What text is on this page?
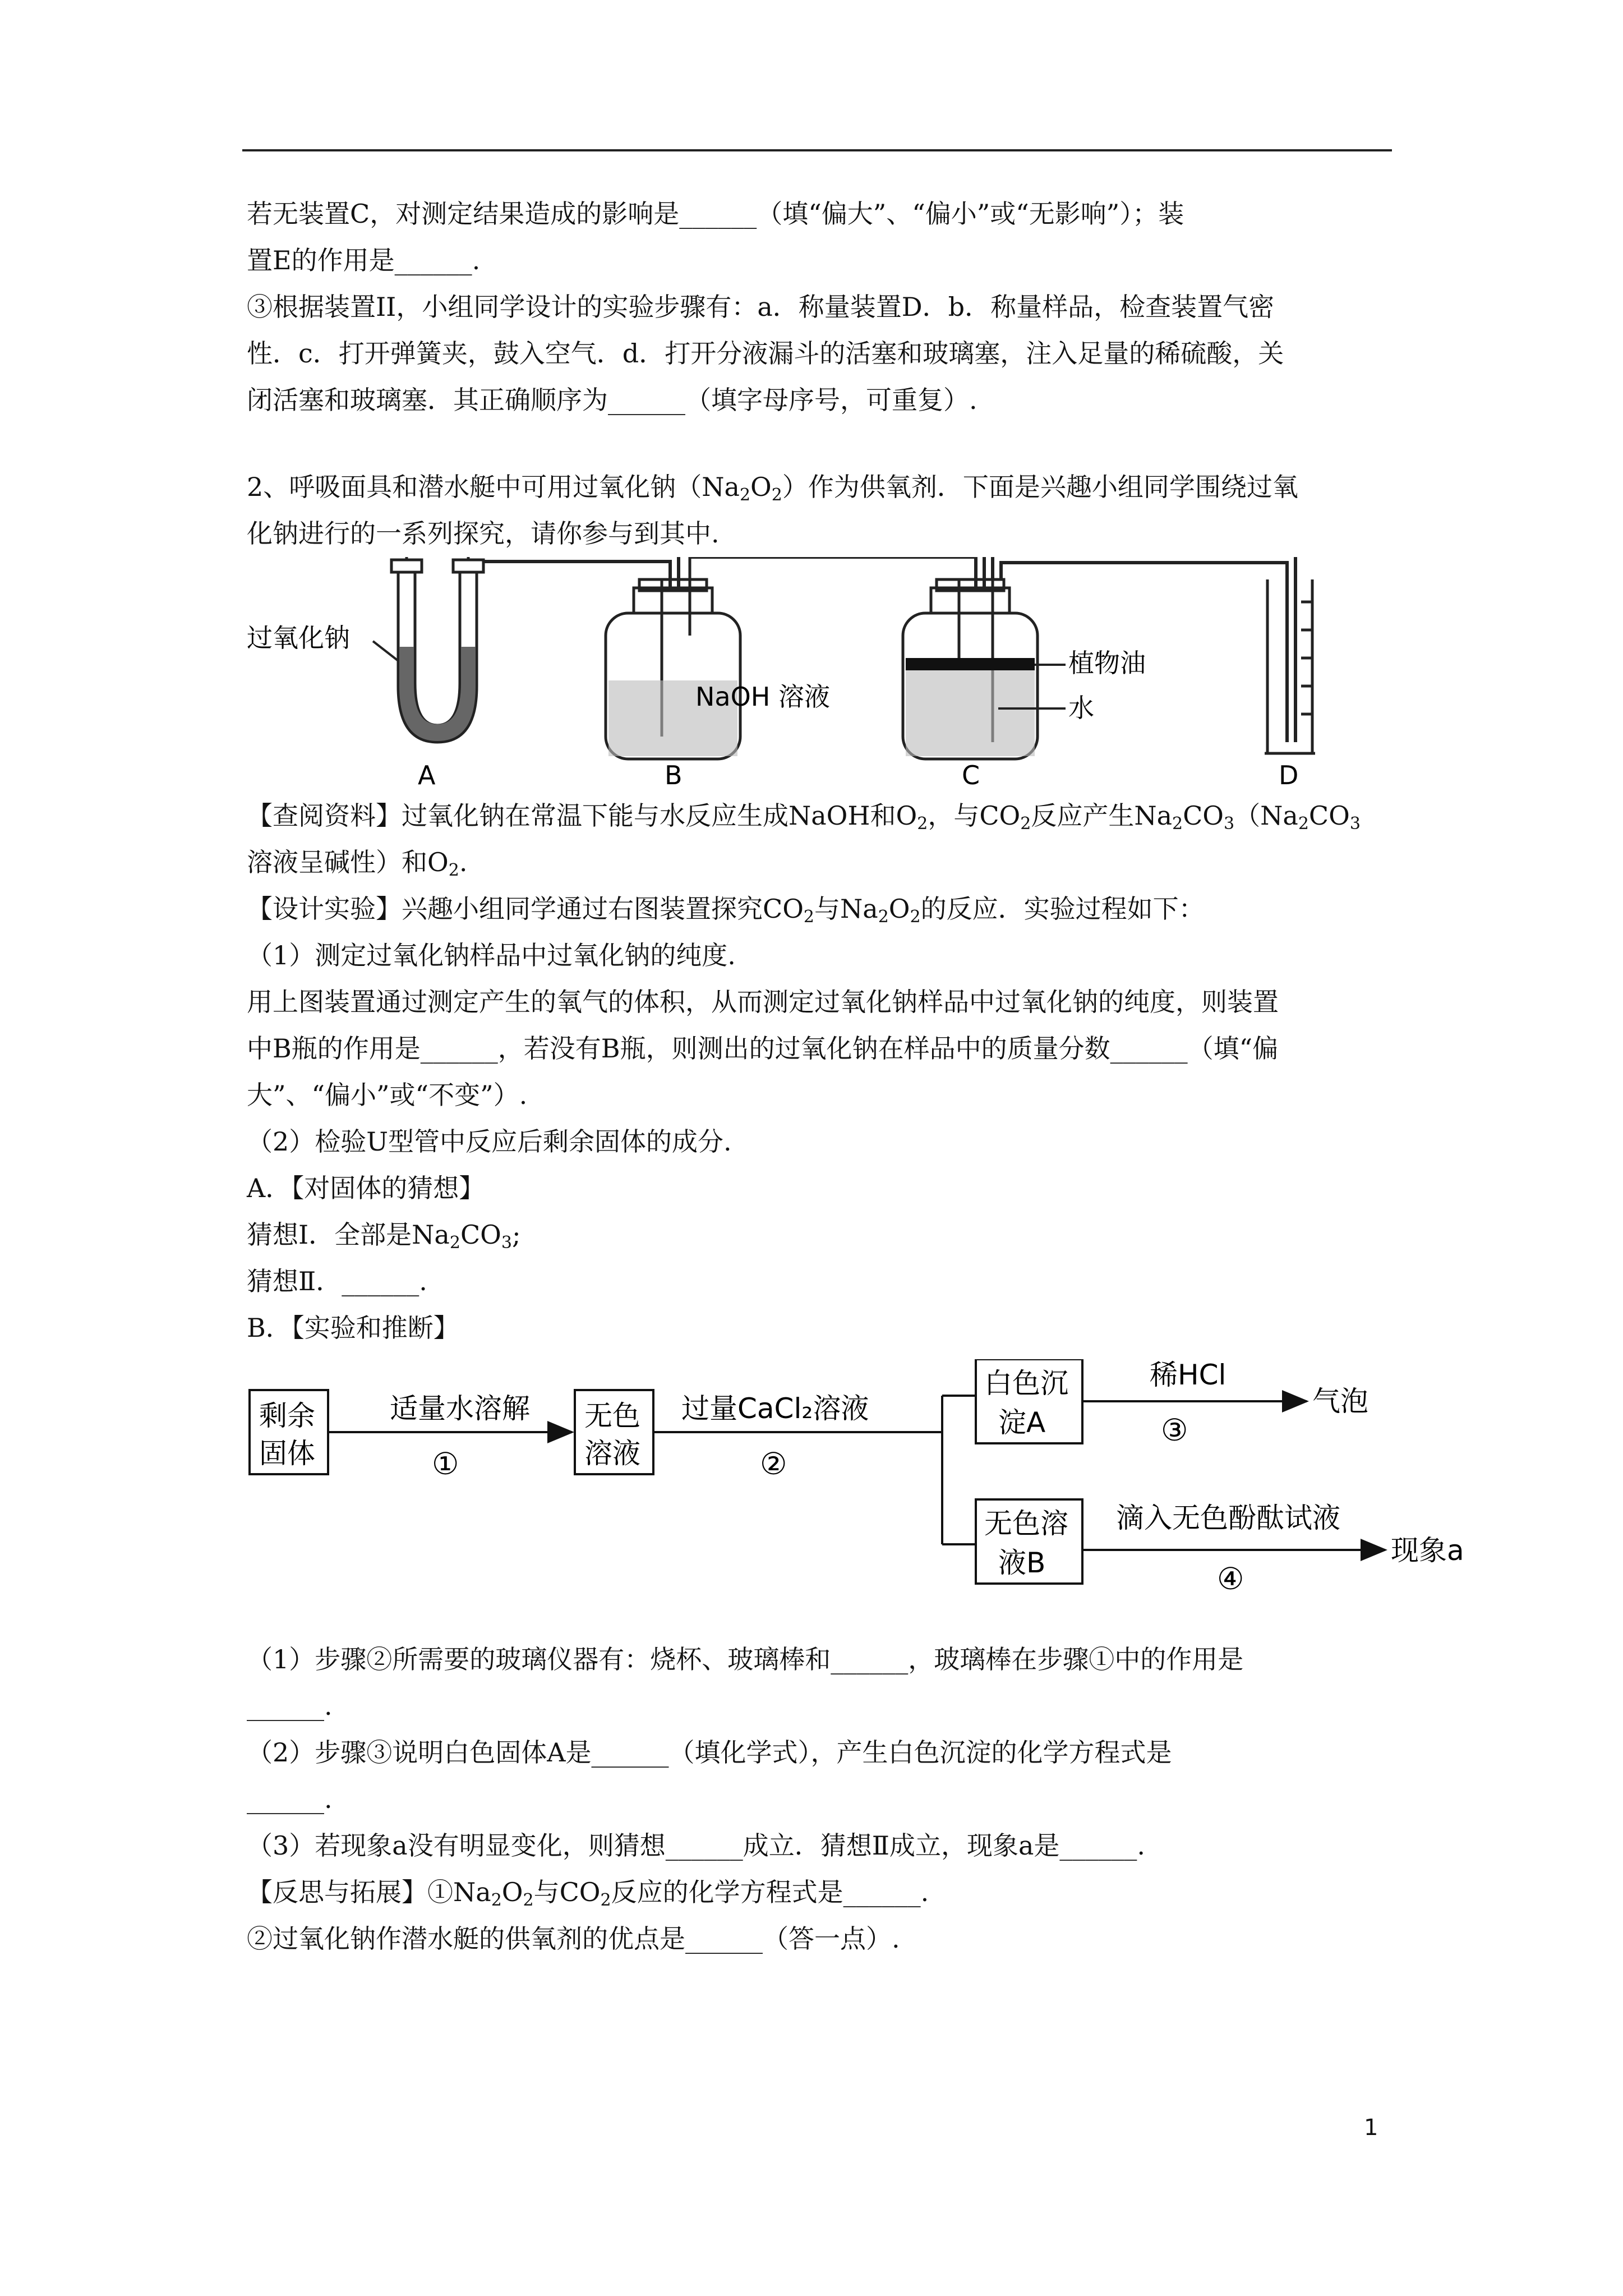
若无装置C，对测定结果造成的影响是______（填“偏大”、“偏小”或“无影响”）；装

置E的作用是______.

③根据装置II，小组同学设计的实验步骤有：a．称量装置D．b．称量样品，检查装置气密

性．c．打开弹簧夹，鼓入空气．d．打开分液漏斗的活塞和玻璃塞，注入足量的稀硫酸，关

闭活塞和玻璃塞．其正确顺序为______（填字母序号，可重复）.

2、呼吸面具和潜水艇中可用过氧化钠$(Na_2O_2)$作为供氧剂．下面是兴趣小组同学围绕过氧

化钠进行的一系列探究，请你参与到其中.

过氧化钠
NaOH 溶液
植物油
水
A	B	C	D

【查阅资料】过氧化钠在常温下能与水反应生成NaOH和$O_2$，与$CO_2$反应产生$Na_2CO_3(Na_2CO_3$

溶液呈碱性）和$O_2$.

【设计实验】兴趣小组同学通过右图装置探究$CO_2$与$Na_2O_2$的反应．实验过程如下：

（1）测定过氧化钠样品中过氧化钠的纯度.

用上图装置通过测定产生的氧气的体积，从而测定过氧化钠样品中过氧化钠的纯度，则装置

中B瓶的作用是______，若没有B瓶，则测出的过氧化钠在样品中的质量分数______（填“偏

大”、“偏小”或“不变”）.

（2）检验U型管中反应后剩余固体的成分.

A．【对固体的猜想】

猜想Ⅰ．全部是$Na_2CO_3$;

猜想Ⅱ．______.

B．【实验和推断】

剩余
固体
适量水溶解
①
无色
溶液
过量CaCl₂溶液
②
白色沉
淀A
稀HCl
③
气泡
无色溶
液B
滴入无色酚酞试液
④
现象a

（1）步骤②所需要的玻璃仪器有：烧杯、玻璃棒和______，玻璃棒在步骤①中的作用是

______.

（2）步骤③说明白色固体A是______（填化学式），产生白色沉淀的化学方程式是

______.

（3）若现象a没有明显变化，则猜想______成立．猜想Ⅱ成立，现象a是______.

【反思与拓展】$①Na_2O_2$与$CO_2$反应的化学方程式是______.

②过氧化钠作潜水艇的供氧剂的优点是______（答一点）.

1
